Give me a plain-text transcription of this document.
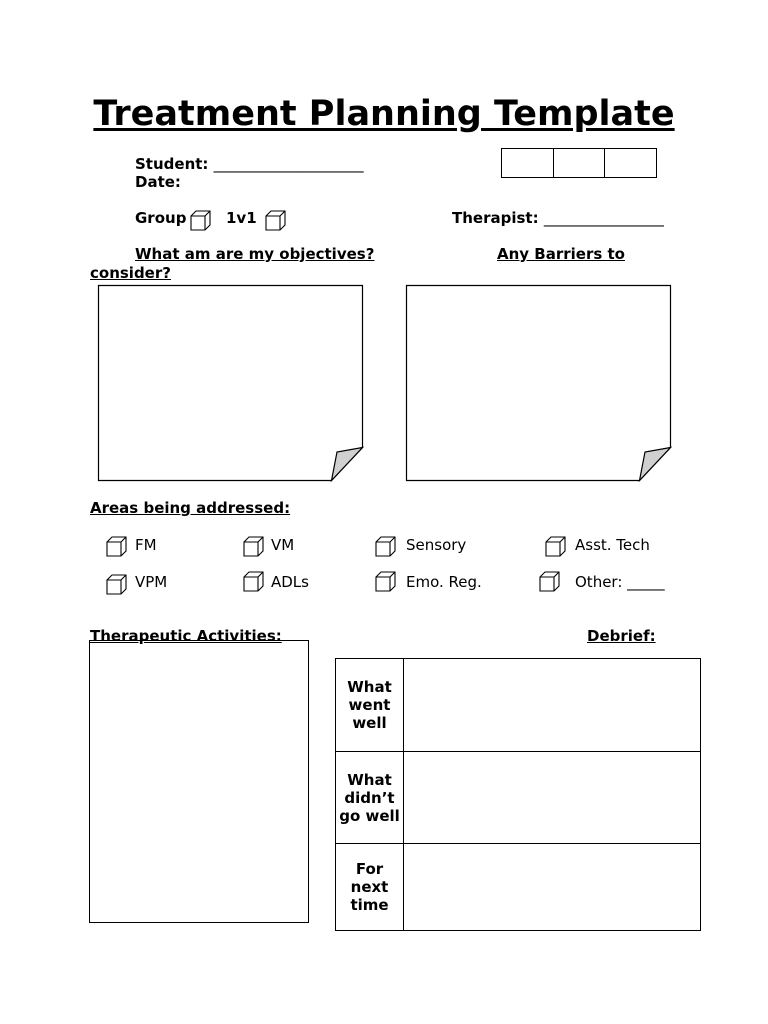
Treatment Planning Template
Student: ____________________
Date:
Group	1v1	Therapist: ________________
What am are my objectives?	Any Barriers to
consider?
Areas being addressed:
FM	VM	Sensory	Asst. Tech
VPM	ADLs	Emo. Reg.	Other: _____
Therapeutic Activities:	Debrief:
What went well	
What didn’t go well	
For next time	
